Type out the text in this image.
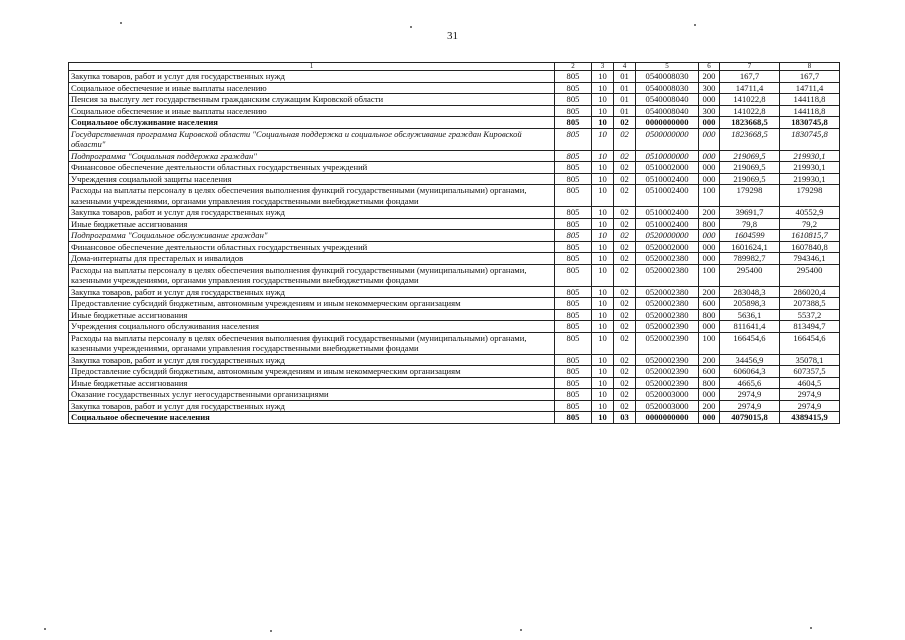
31
1	2	3	4	5	6	7	8
Закупка товаров, работ и услуг для государственных нужд	805	10	01	0540008030	200	167,7	167,7
Социальное обеспечение и иные выплаты населению	805	10	01	0540008030	300	14711,4	14711,4
Пенсия за выслугу лет государственным гражданским служащим Кировской области	805	10	01	0540008040	000	141022,8	144118,8
Социальное обеспечение и иные выплаты населению	805	10	01	0540008040	300	141022,8	144118,8
Социальное обслуживание населения	805	10	02	0000000000	000	1823668,5	1830745,8
Государственная программа Кировской области "Социальная поддержка и социальное обслуживание граждан Кировской области"	805	10	02	0500000000	000	1823668,5	1830745,8
Подпрограмма "Социальная поддержка граждан"	805	10	02	0510000000	000	219069,5	219930,1
Финансовое обеспечение деятельности областных государственных учреждений	805	10	02	0510002000	000	219069,5	219930,1
Учреждения социальной защиты населения	805	10	02	0510002400	000	219069,5	219930,1
Расходы на выплаты персоналу в целях обеспечения выполнения функций государственными (муниципальными) органами, казенными учреждениями, органами управления государственными внебюджетными фондами	805	10	02	0510002400	100	179298	179298
Закупка товаров, работ и услуг для государственных нужд	805	10	02	0510002400	200	39691,7	40552,9
Иные бюджетные ассигнования	805	10	02	0510002400	800	79,8	79,2
Подпрограмма "Социальное обслуживание граждан"	805	10	02	0520000000	000	1604599	1610815,7
Финансовое обеспечение деятельности областных государственных учреждений	805	10	02	0520002000	000	1601624,1	1607840,8
Дома-интернаты для престарелых и инвалидов	805	10	02	0520002380	000	789982,7	794346,1
Расходы на выплаты персоналу в целях обеспечения выполнения функций государственными (муниципальными) органами, казенными учреждениями, органами управления государственными внебюджетными фондами	805	10	02	0520002380	100	295400	295400
Закупка товаров, работ и услуг для государственных нужд	805	10	02	0520002380	200	283048,3	286020,4
Предоставление субсидий бюджетным, автономным учреждениям и иным некоммерческим организациям	805	10	02	0520002380	600	205898,3	207388,5
Иные бюджетные ассигнования	805	10	02	0520002380	800	5636,1	5537,2
Учреждения социального обслуживания населения	805	10	02	0520002390	000	811641,4	813494,7
Расходы на выплаты персоналу в целях обеспечения выполнения функций государственными (муниципальными) органами, казенными учреждениями, органами управления государственными внебюджетными фондами	805	10	02	0520002390	100	166454,6	166454,6
Закупка товаров, работ и услуг для государственных нужд	805	10	02	0520002390	200	34456,9	35078,1
Предоставление субсидий бюджетным, автономным учреждениям и иным некоммерческим организациям	805	10	02	0520002390	600	606064,3	607357,5
Иные бюджетные ассигнования	805	10	02	0520002390	800	4665,6	4604,5
Оказание государственных услуг негосударственными организациями	805	10	02	0520003000	000	2974,9	2974,9
Закупка товаров, работ и услуг для государственных нужд	805	10	02	0520003000	200	2974,9	2974,9
Социальное обеспечение населения	805	10	03	0000000000	000	4079015,8	4389415,9
